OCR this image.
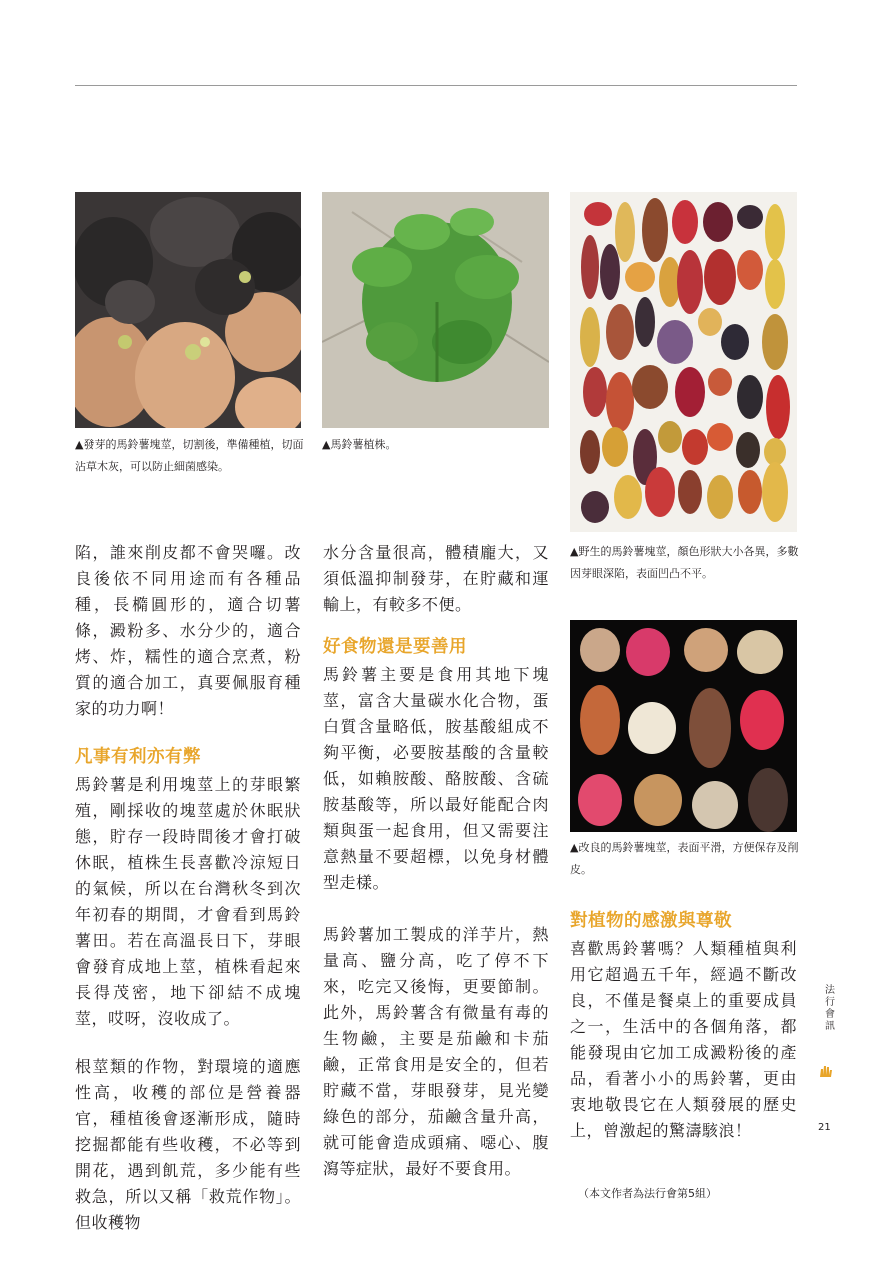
▲發芽的馬鈴薯塊莖，切割後，準備種植，切面沾草木灰，可以防止細菌感染。
▲馬鈴薯植株。
▲野生的馬鈴薯塊莖，顏色形狀大小各異，多數因芽眼深陷，表面凹凸不平。
▲改良的馬鈴薯塊莖，表面平滑，方便保存及削皮。

陷，誰來削皮都不會哭囉。改良後依不同用途而有各種品種，長橢圓形的，適合切薯條，澱粉多、水分少的，適合烤、炸，糯性的適合烹煮，粉質的適合加工，真要佩服育種家的功力啊！

凡事有利亦有弊

馬鈴薯是利用塊莖上的芽眼繁殖，剛採收的塊莖處於休眠狀態，貯存一段時間後才會打破休眠，植株生長喜歡冷涼短日的氣候，所以在台灣秋冬到次年初春的期間，才會看到馬鈴薯田。若在高溫長日下，芽眼會發育成地上莖，植株看起來長得茂密，地下卻結不成塊莖，哎呀，沒收成了。

根莖類的作物，對環境的適應性高，收穫的部位是營養器官，種植後會逐漸形成，隨時挖掘都能有些收穫，不必等到開花，遇到飢荒，多少能有些救急，所以又稱「救荒作物」。但收穫物

水分含量很高，體積龐大，又須低溫抑制發芽，在貯藏和運輸上，有較多不便。

好食物還是要善用

馬鈴薯主要是食用其地下塊莖，富含大量碳水化合物，蛋白質含量略低，胺基酸組成不夠平衡，必要胺基酸的含量較低，如賴胺酸、酪胺酸、含硫胺基酸等，所以最好能配合肉類與蛋一起食用，但又需要注意熱量不要超標，以免身材體型走樣。

馬鈴薯加工製成的洋芋片，熱量高、鹽分高，吃了停不下來，吃完又後悔，更要節制。此外，馬鈴薯含有微量有毒的生物鹼，主要是茄鹼和卡茄鹼，正常食用是安全的，但若貯藏不當，芽眼發芽，見光變綠色的部分，茄鹼含量升高，就可能會造成頭痛、噁心、腹瀉等症狀，最好不要食用。

對植物的感激與尊敬

喜歡馬鈴薯嗎？人類種植與利用它超過五千年，經過不斷改良，不僅是餐桌上的重要成員之一，生活中的各個角落，都能發現由它加工成澱粉後的產品，看著小小的馬鈴薯，更由衷地敬畏它在人類發展的歷史上，曾激起的驚濤駭浪！

（本文作者為法行會第5組）
法行會訊
21
